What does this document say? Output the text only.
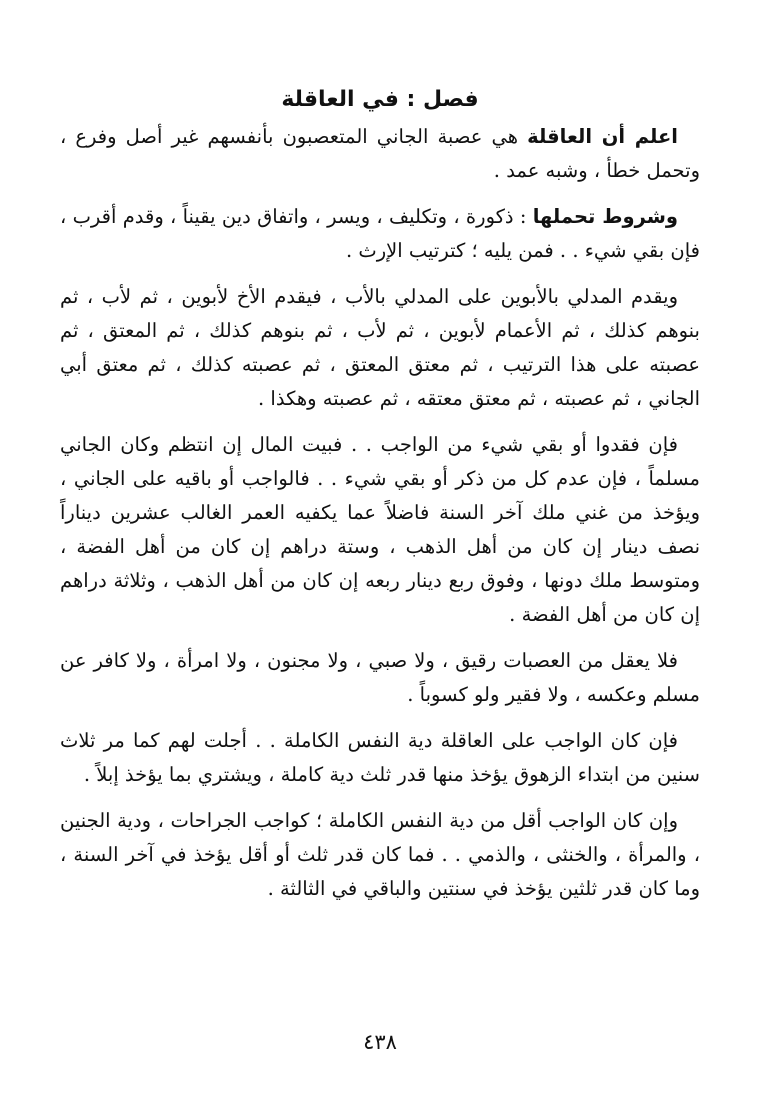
فصل : في العاقلة

اعلم أن العاقلة هي عصبة الجاني المتعصبون بأنفسهم غير أصل وفرع ، وتحمل خطأ ، وشبه عمد .

وشروط تحملها : ذكورة ، وتكليف ، ويسر ، واتفاق دين يقيناً ، وقدم أقرب ، فإن بقي شيء . . فمن يليه ؛ كترتيب الإرث .

ويقدم المدلي بالأبوين على المدلي بالأب ، فيقدم الأخ لأبوين ، ثم لأب ، ثم بنوهم كذلك ، ثم الأعمام لأبوين ، ثم لأب ، ثم بنوهم كذلك ، ثم المعتق ، ثم عصبته على هذا الترتيب ، ثم معتق المعتق ، ثم عصبته كذلك ، ثم معتق أبي الجاني ، ثم عصبته ، ثم معتق معتقه ، ثم عصبته وهكذا .

فإن فقدوا أو بقي شيء من الواجب . . فبيت المال إن انتظم وكان الجاني مسلماً ، فإن عدم كل من ذكر أو بقي شيء . . فالواجب أو باقيه على الجاني ، ويؤخذ من غني ملك آخر السنة فاضلاً عما يكفيه العمر الغالب عشرين ديناراً نصف دينار إن كان من أهل الذهب ، وستة دراهم إن كان من أهل الفضة ، ومتوسط ملك دونها ، وفوق ربع دينار ربعه إن كان من أهل الذهب ، وثلاثة دراهم إن كان من أهل الفضة .

فلا يعقل من العصبات رقيق ، ولا صبي ، ولا مجنون ، ولا امرأة ، ولا كافر عن مسلم وعكسه ، ولا فقير ولو كسوباً .

فإن كان الواجب على العاقلة دية النفس الكاملة . . أجلت لهم كما مر ثلاث سنين من ابتداء الزهوق يؤخذ منها قدر ثلث دية كاملة ، ويشتري بما يؤخذ إبلاً .

وإن كان الواجب أقل من دية النفس الكاملة ؛ كواجب الجراحات ، ودية الجنين ، والمرأة ، والخنثى ، والذمي . . فما كان قدر ثلث أو أقل يؤخذ في آخر السنة ، وما كان قدر ثلثين يؤخذ في سنتين والباقي في الثالثة .

٤٣٨
